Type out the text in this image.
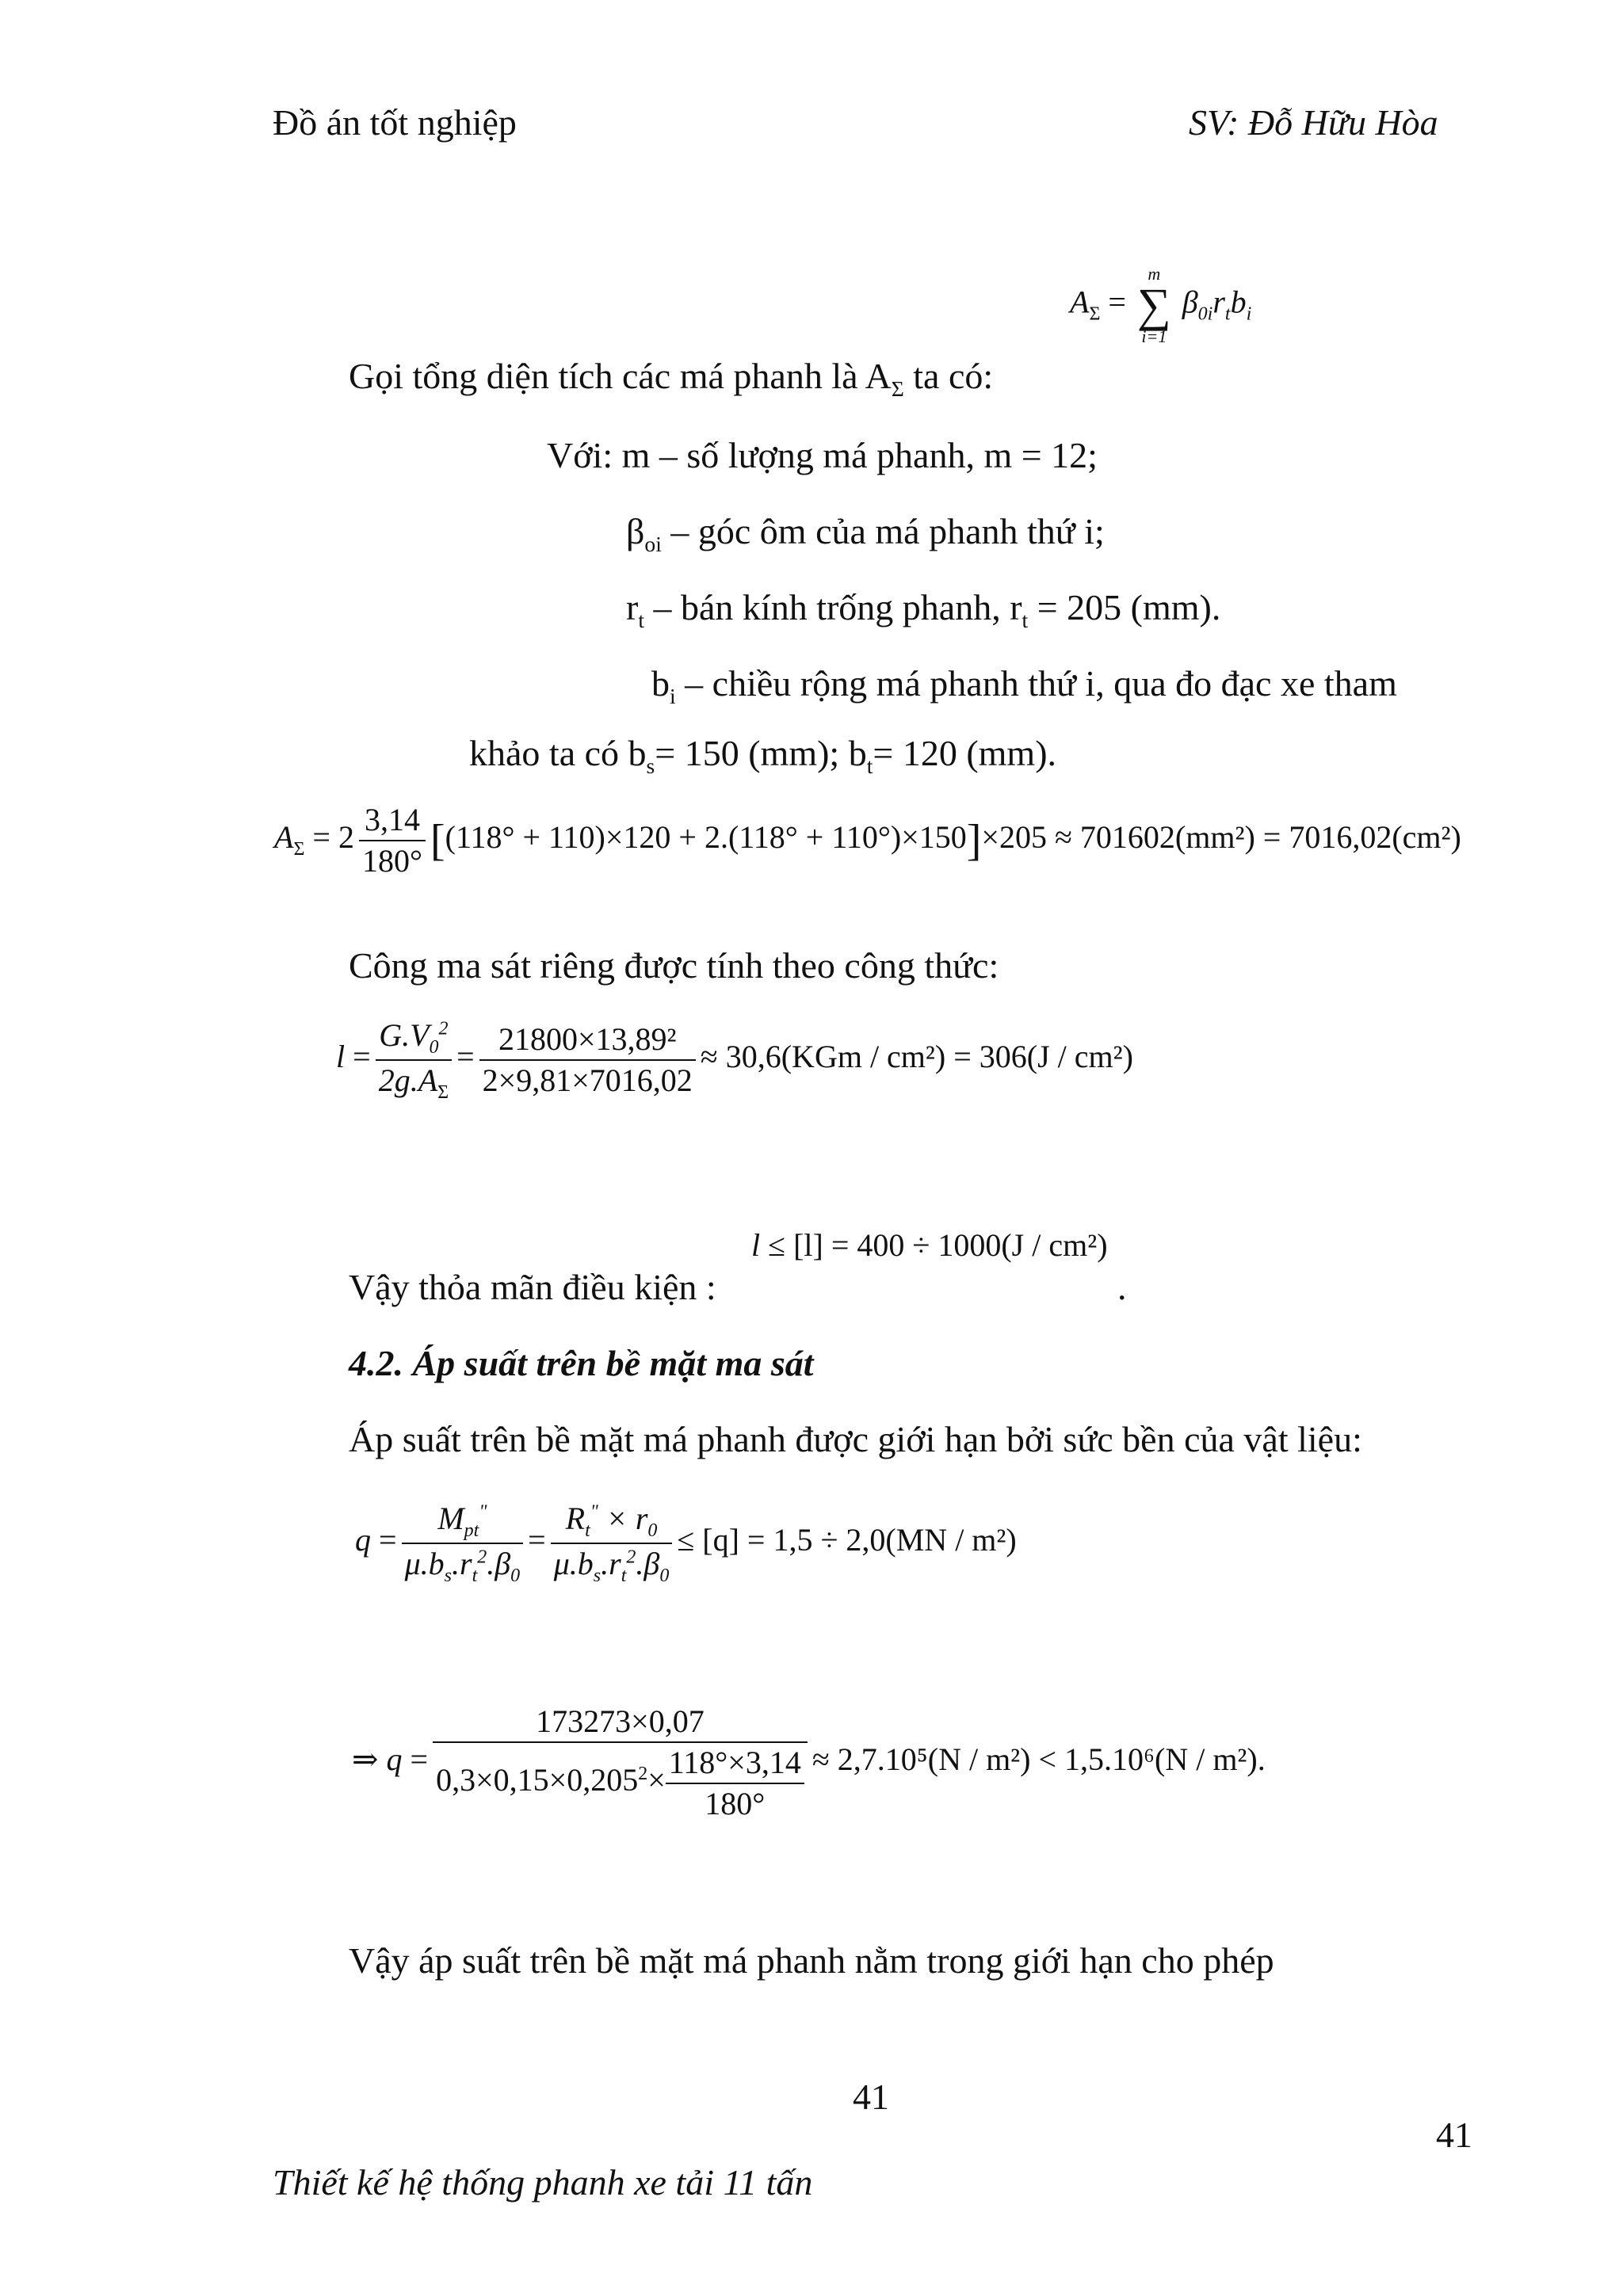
Đồ án tốt nghiệp	SV: Đỗ Hữu Hòa
$A_\Sigma = m$
∑
i=1 $\beta_{0i}r_tb_i$
Gọi tổng diện tích các má phanh là $A_\Sigma$ ta có:
Với: m – số lượng má phanh, m = 12;
$\beta_{oi}$ – góc ôm của má phanh thứ i;
$r_t$ – bán kính trống phanh, $r_t = 205$ (mm).
$b_i$ – chiều rộng má phanh thứ i, qua đo đạc xe tham
khảo ta có $b_s= 150$ (mm); $b_t= 120$ (mm).
$A_\Sigma = 2 \frac{3,14}{180^\circ} [(118^\circ + 110)\times 120 + 2.(118^\circ + 110^\circ)\times 150]\times 205 \approx 701602(mm^2) = 7016,02(cm^2)$
Công ma sát riêng được tính theo công thức:
$l = \frac{G.V_0^2}{2g.A_\Sigma} = \frac{\text{21800×13,89²}}{2\times 9,81\times 7016,02} \approx 30,6(KGm / cm^2) = 306(J / cm^2)$
l ≤ [l] = 400 ÷ 1000(J / cm²)
Vậy thỏa mãn điều kiện :	.
4.2. Áp suất trên bề mặt ma sát
Áp suất trên bề mặt má phanh được giới hạn bởi sức bền của vật liệu:
$q = \frac{M_{pt}^"}{\mu.b_s.r_t^2.\beta_0} = \frac{R_t^" \times r_0}{\mu.b_s.r_t^2.\beta_0} \le [q] = 1,5 \div 2,0(MN / m^2)$
⇒ $q = \frac{173273\times 0,07}{0,3\times 0,15\times 0,205^2\times \frac{118^\circ\times 3,14}{180^\circ}} \approx 2,7.10^5(N / m^2) < 1,5.10^6(N / m^2)$.
Vậy áp suất trên bề mặt má phanh nằm trong giới hạn cho phép
41
41
Thiết kế hệ thống phanh xe tải 11 tấn
